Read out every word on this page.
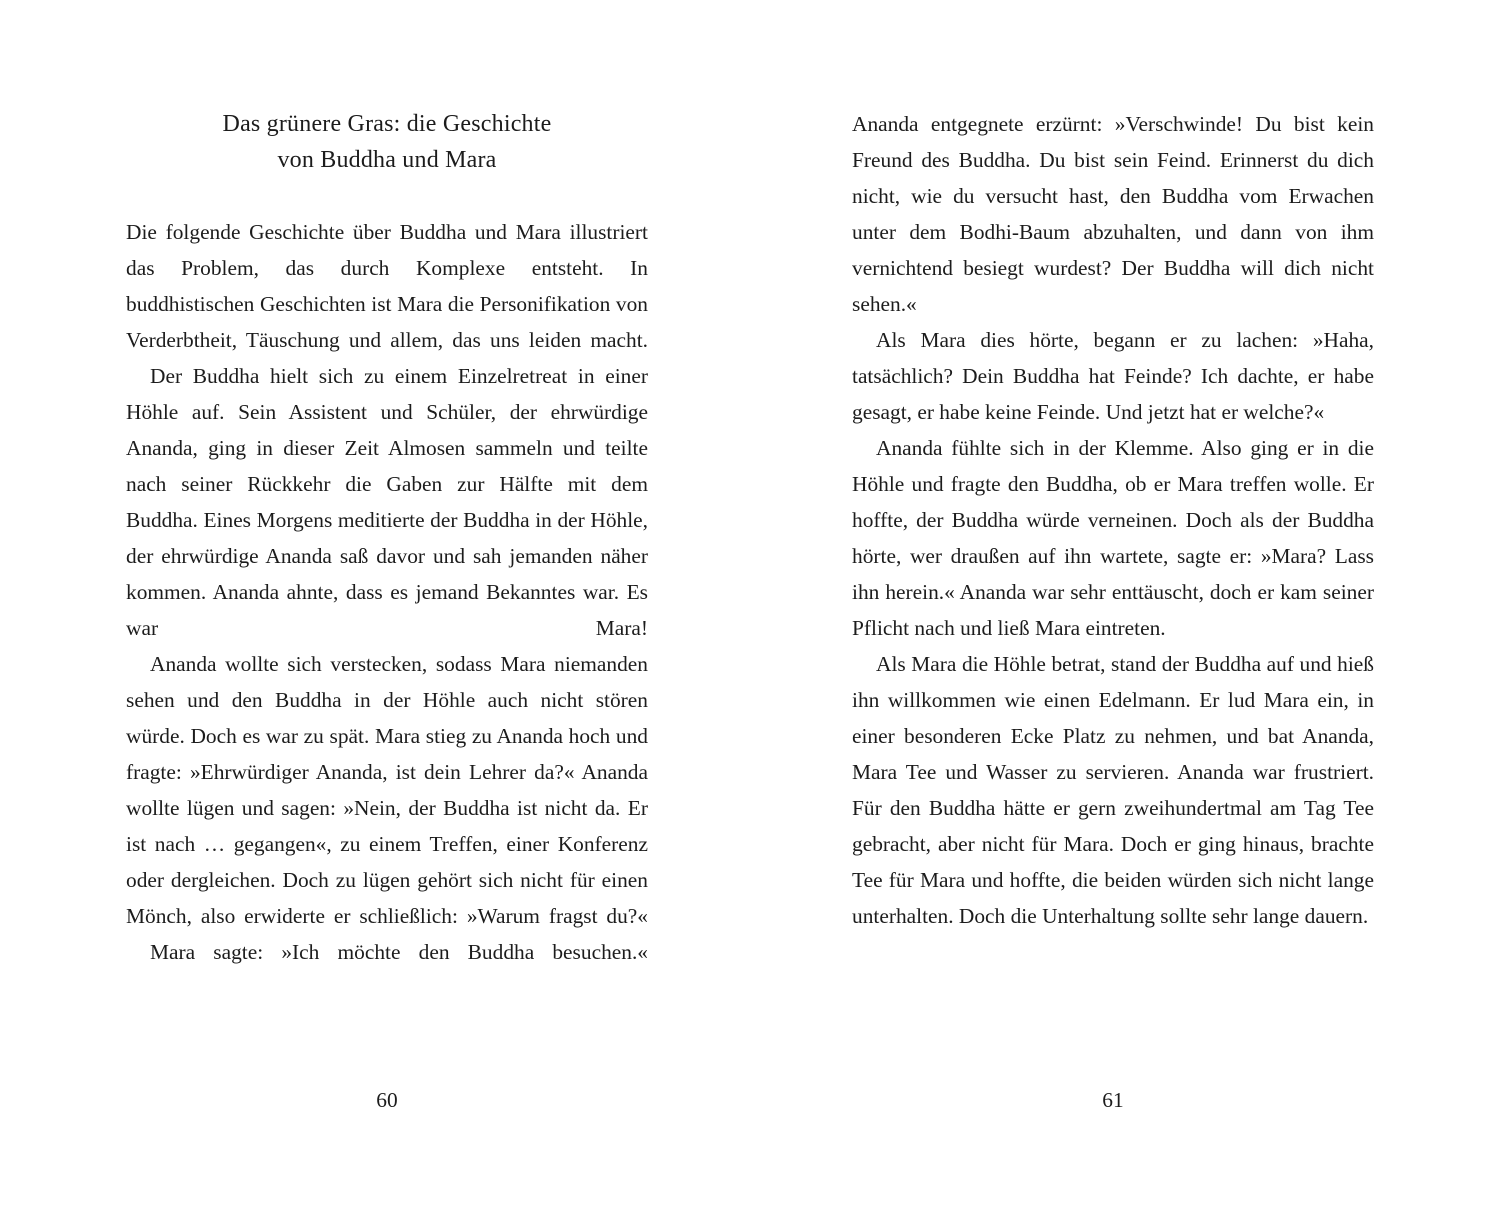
Das grünere Gras: die Geschichte
von Buddha und Mara

Die folgende Geschichte über Buddha und Mara illustriert das Problem, das durch Komplexe entsteht. In buddhistischen Geschichten ist Mara die Personifikation von Verderbtheit, Täuschung und allem, das uns leiden macht.

Der Buddha hielt sich zu einem Einzelretreat in einer Höhle auf. Sein Assistent und Schüler, der ehrwürdige Ananda, ging in dieser Zeit Almosen sammeln und teilte nach seiner Rückkehr die Gaben zur Hälfte mit dem Buddha. Eines Morgens meditierte der Buddha in der Höhle, der ehrwürdige Ananda saß davor und sah jemanden näher kommen. Ananda ahnte, dass es jemand Bekanntes war. Es war Mara!

Ananda wollte sich verstecken, sodass Mara niemanden sehen und den Buddha in der Höhle auch nicht stören würde. Doch es war zu spät. Mara stieg zu Ananda hoch und fragte: »Ehrwürdiger Ananda, ist dein Lehrer da?« Ananda wollte lügen und sagen: »Nein, der Buddha ist nicht da. Er ist nach … gegangen«, zu einem Treffen, einer Konferenz oder dergleichen. Doch zu lügen gehört sich nicht für einen Mönch, also erwiderte er schließlich: »Warum fragst du?«

Mara sagte: »Ich möchte den Buddha besuchen.«

60

Ananda entgegnete erzürnt: »Verschwinde! Du bist kein Freund des Buddha. Du bist sein Feind. Erinnerst du dich nicht, wie du versucht hast, den Buddha vom Erwachen unter dem Bodhi-Baum abzuhalten, und dann von ihm vernichtend besiegt wurdest? Der Buddha will dich nicht sehen.«

Als Mara dies hörte, begann er zu lachen: »Haha, tatsächlich? Dein Buddha hat Feinde? Ich dachte, er habe gesagt, er habe keine Feinde. Und jetzt hat er welche?«

Ananda fühlte sich in der Klemme. Also ging er in die Höhle und fragte den Buddha, ob er Mara treffen wolle. Er hoffte, der Buddha würde verneinen. Doch als der Buddha hörte, wer draußen auf ihn wartete, sagte er: »Mara? Lass ihn herein.« Ananda war sehr enttäuscht, doch er kam seiner Pflicht nach und ließ Mara eintreten.

Als Mara die Höhle betrat, stand der Buddha auf und hieß ihn willkommen wie einen Edelmann. Er lud Mara ein, in einer besonderen Ecke Platz zu nehmen, und bat Ananda, Mara Tee und Wasser zu servieren. Ananda war frustriert. Für den Buddha hätte er gern zweihundertmal am Tag Tee gebracht, aber nicht für Mara. Doch er ging hinaus, brachte Tee für Mara und hoffte, die beiden würden sich nicht lange unterhalten. Doch die Unterhaltung sollte sehr lange dauern.

61
